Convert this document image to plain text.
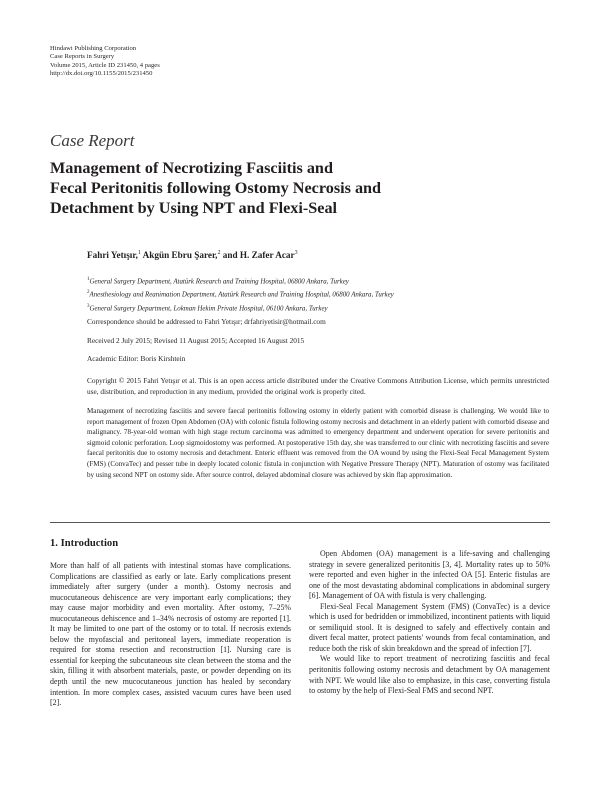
Hindawi Publishing Corporation
Case Reports in Surgery
Volume 2015, Article ID 231450, 4 pages
http://dx.doi.org/10.1155/2015/231450
Case Report
Management of Necrotizing Fasciitis and
Fecal Peritonitis following Ostomy Necrosis and
Detachment by Using NPT and Flexi-Seal
Fahri Yetışır,$^1$ Akgün Ebru Şarer,$^2$ and H. Zafer Acar$^3$
$^1$General Surgery Department, Atatürk Research and Training Hospital, 06800 Ankara, Turkey
$^2$Anesthesiology and Reanimation Department, Atatürk Research and Training Hospital, 06800 Ankara, Turkey
$^3$General Surgery Department, Lokman Hekim Private Hospital, 06100 Ankara, Turkey
Correspondence should be addressed to Fahri Yetışır; drfahriyetisir@hotmail.com
Received 2 July 2015; Revised 11 August 2015; Accepted 16 August 2015
Academic Editor: Boris Kirshtein
Copyright © 2015 Fahri Yetışır et al. This is an open access article distributed under the Creative Commons Attribution License, which permits unrestricted use, distribution, and reproduction in any medium, provided the original work is properly cited.
Management of necrotizing fasciitis and severe faecal peritonitis following ostomy in elderly patient with comorbid disease is challenging. We would like to report management of frozen Open Abdomen (OA) with colonic fistula following ostomy necrosis and detachment in an elderly patient with comorbid disease and malignancy. 78-year-old woman with high stage rectum carcinoma was admitted to emergency department and underwent operation for severe peritonitis and sigmoid colonic perforation. Loop sigmoidostomy was performed. At postoperative 15th day, she was transferred to our clinic with necrotizing fasciitis and severe faecal peritonitis due to ostomy necrosis and detachment. Enteric effluent was removed from the OA wound by using the Flexi-Seal Fecal Management System (FMS) (ConvaTec) and pesser tube in deeply located colonic fistula in conjunction with Negative Pressure Therapy (NPT). Maturation of ostomy was facilitated by using second NPT on ostomy side. After source control, delayed abdominal closure was achieved by skin flap approximation.
1. Introduction

More than half of all patients with intestinal stomas have complications. Complications are classified as early or late. Early complications present immediately after surgery (under a month). Ostomy necrosis and mucocutaneous dehiscence are very important early complications; they may cause major morbidity and even mortality. After ostomy, 7–25% mucocutaneous dehiscence and 1–34% necrosis of ostomy are reported [1]. It may be limited to one part of the ostomy or to total. If necrosis extends below the myofascial and peritoneal layers, immediate reoperation is required for stoma resection and reconstruction [1]. Nursing care is essential for keeping the subcutaneous site clean between the stoma and the skin, filling it with absorbent materials, paste, or powder depending on its depth until the new mucocutaneous junction has healed by secondary intention. In more complex cases, assisted vacuum cures have been used [2].

Open Abdomen (OA) management is a life-saving and challenging strategy in severe generalized peritonitis [3, 4]. Mortality rates up to 50% were reported and even higher in the infected OA [5]. Enteric fistulas are one of the most devastating abdominal complications in abdominal surgery [6]. Management of OA with fistula is very challenging.

Flexi-Seal Fecal Management System (FMS) (ConvaTec) is a device which is used for bedridden or immobilized, incontinent patients with liquid or semiliquid stool. It is designed to safely and effectively contain and divert fecal matter, protect patients' wounds from fecal contamination, and reduce both the risk of skin breakdown and the spread of infection [7].

We would like to report treatment of necrotizing fasciitis and fecal peritonitis following ostomy necrosis and detachment by OA management with NPT. We would like also to emphasize, in this case, converting fistula to ostomy by the help of Flexi-Seal FMS and second NPT.
